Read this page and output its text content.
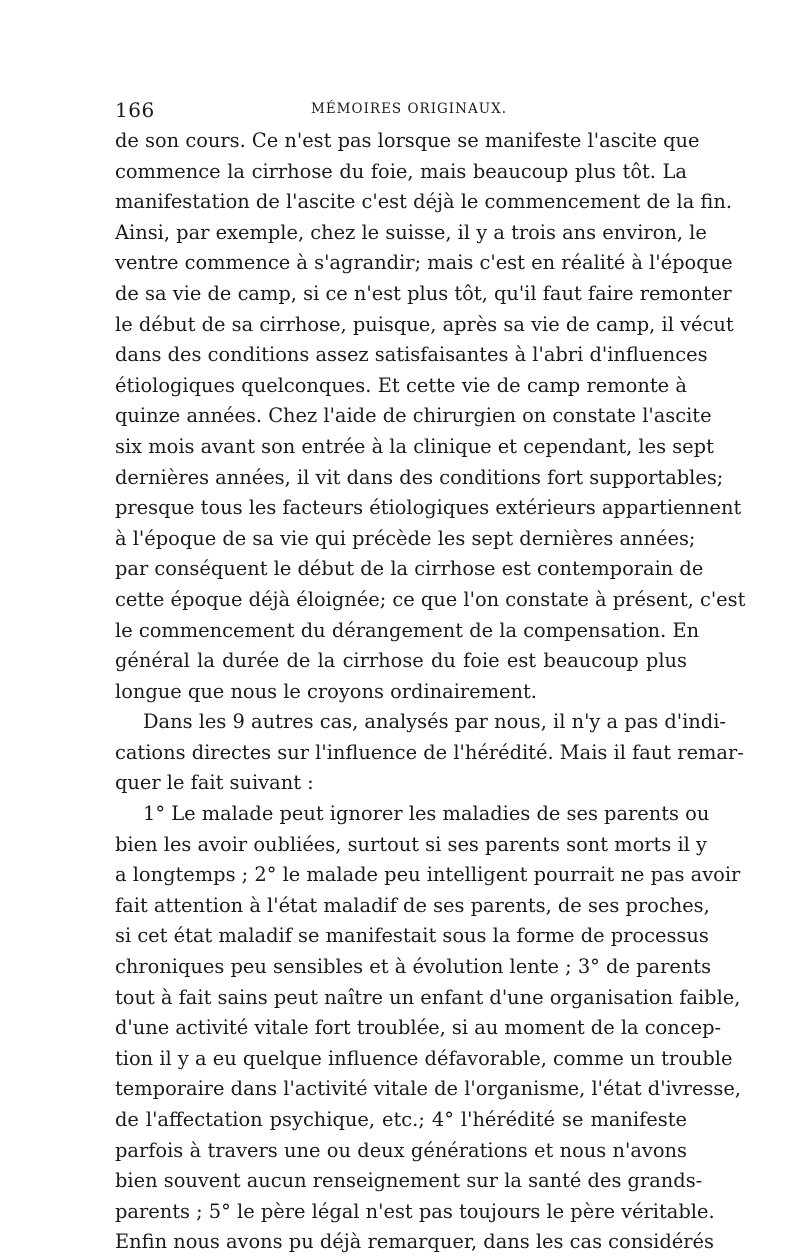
166	MÉMOIRES ORIGINAUX.
de son cours. Ce n'est pas lorsque se manifeste l'ascite que
commence la cirrhose du foie, mais beaucoup plus tôt. La
manifestation de l'ascite c'est déjà le commencement de la fin.
Ainsi, par exemple, chez le suisse, il y a trois ans environ, le
ventre commence à s'agrandir; mais c'est en réalité à l'époque
de sa vie de camp, si ce n'est plus tôt, qu'il faut faire remonter
le début de sa cirrhose, puisque, après sa vie de camp, il vécut
dans des conditions assez satisfaisantes à l'abri d'influences
étiologiques quelconques. Et cette vie de camp remonte à
quinze années. Chez l'aide de chirurgien on constate l'ascite
six mois avant son entrée à la clinique et cependant, les sept
dernières années, il vit dans des conditions fort supportables;
presque tous les facteurs étiologiques extérieurs appartiennent
à l'époque de sa vie qui précède les sept dernières années;
par conséquent le début de la cirrhose est contemporain de
cette époque déjà éloignée; ce que l'on constate à présent, c'est
le commencement du dérangement de la compensation. En
général la durée de la cirrhose du foie est beaucoup plus
longue que nous le croyons ordinairement.
Dans les 9 autres cas, analysés par nous, il n'y a pas d'indi-
cations directes sur l'influence de l'hérédité. Mais il faut remar-
quer le fait suivant :
1° Le malade peut ignorer les maladies de ses parents ou
bien les avoir oubliées, surtout si ses parents sont morts il y
a longtemps ; 2° le malade peu intelligent pourrait ne pas avoir
fait attention à l'état maladif de ses parents, de ses proches,
si cet état maladif se manifestait sous la forme de processus
chroniques peu sensibles et à évolution lente ; 3° de parents
tout à fait sains peut naître un enfant d'une organisation faible,
d'une activité vitale fort troublée, si au moment de la concep-
tion il y a eu quelque influence défavorable, comme un trouble
temporaire dans l'activité vitale de l'organisme, l'état d'ivresse,
de l'affectation psychique, etc.; 4° l'hérédité se manifeste
parfois à travers une ou deux générations et nous n'avons
bien souvent aucun renseignement sur la santé des grands-
parents ; 5° le père légal n'est pas toujours le père véritable.
Enfin nous avons pu déjà remarquer, dans les cas considérés
